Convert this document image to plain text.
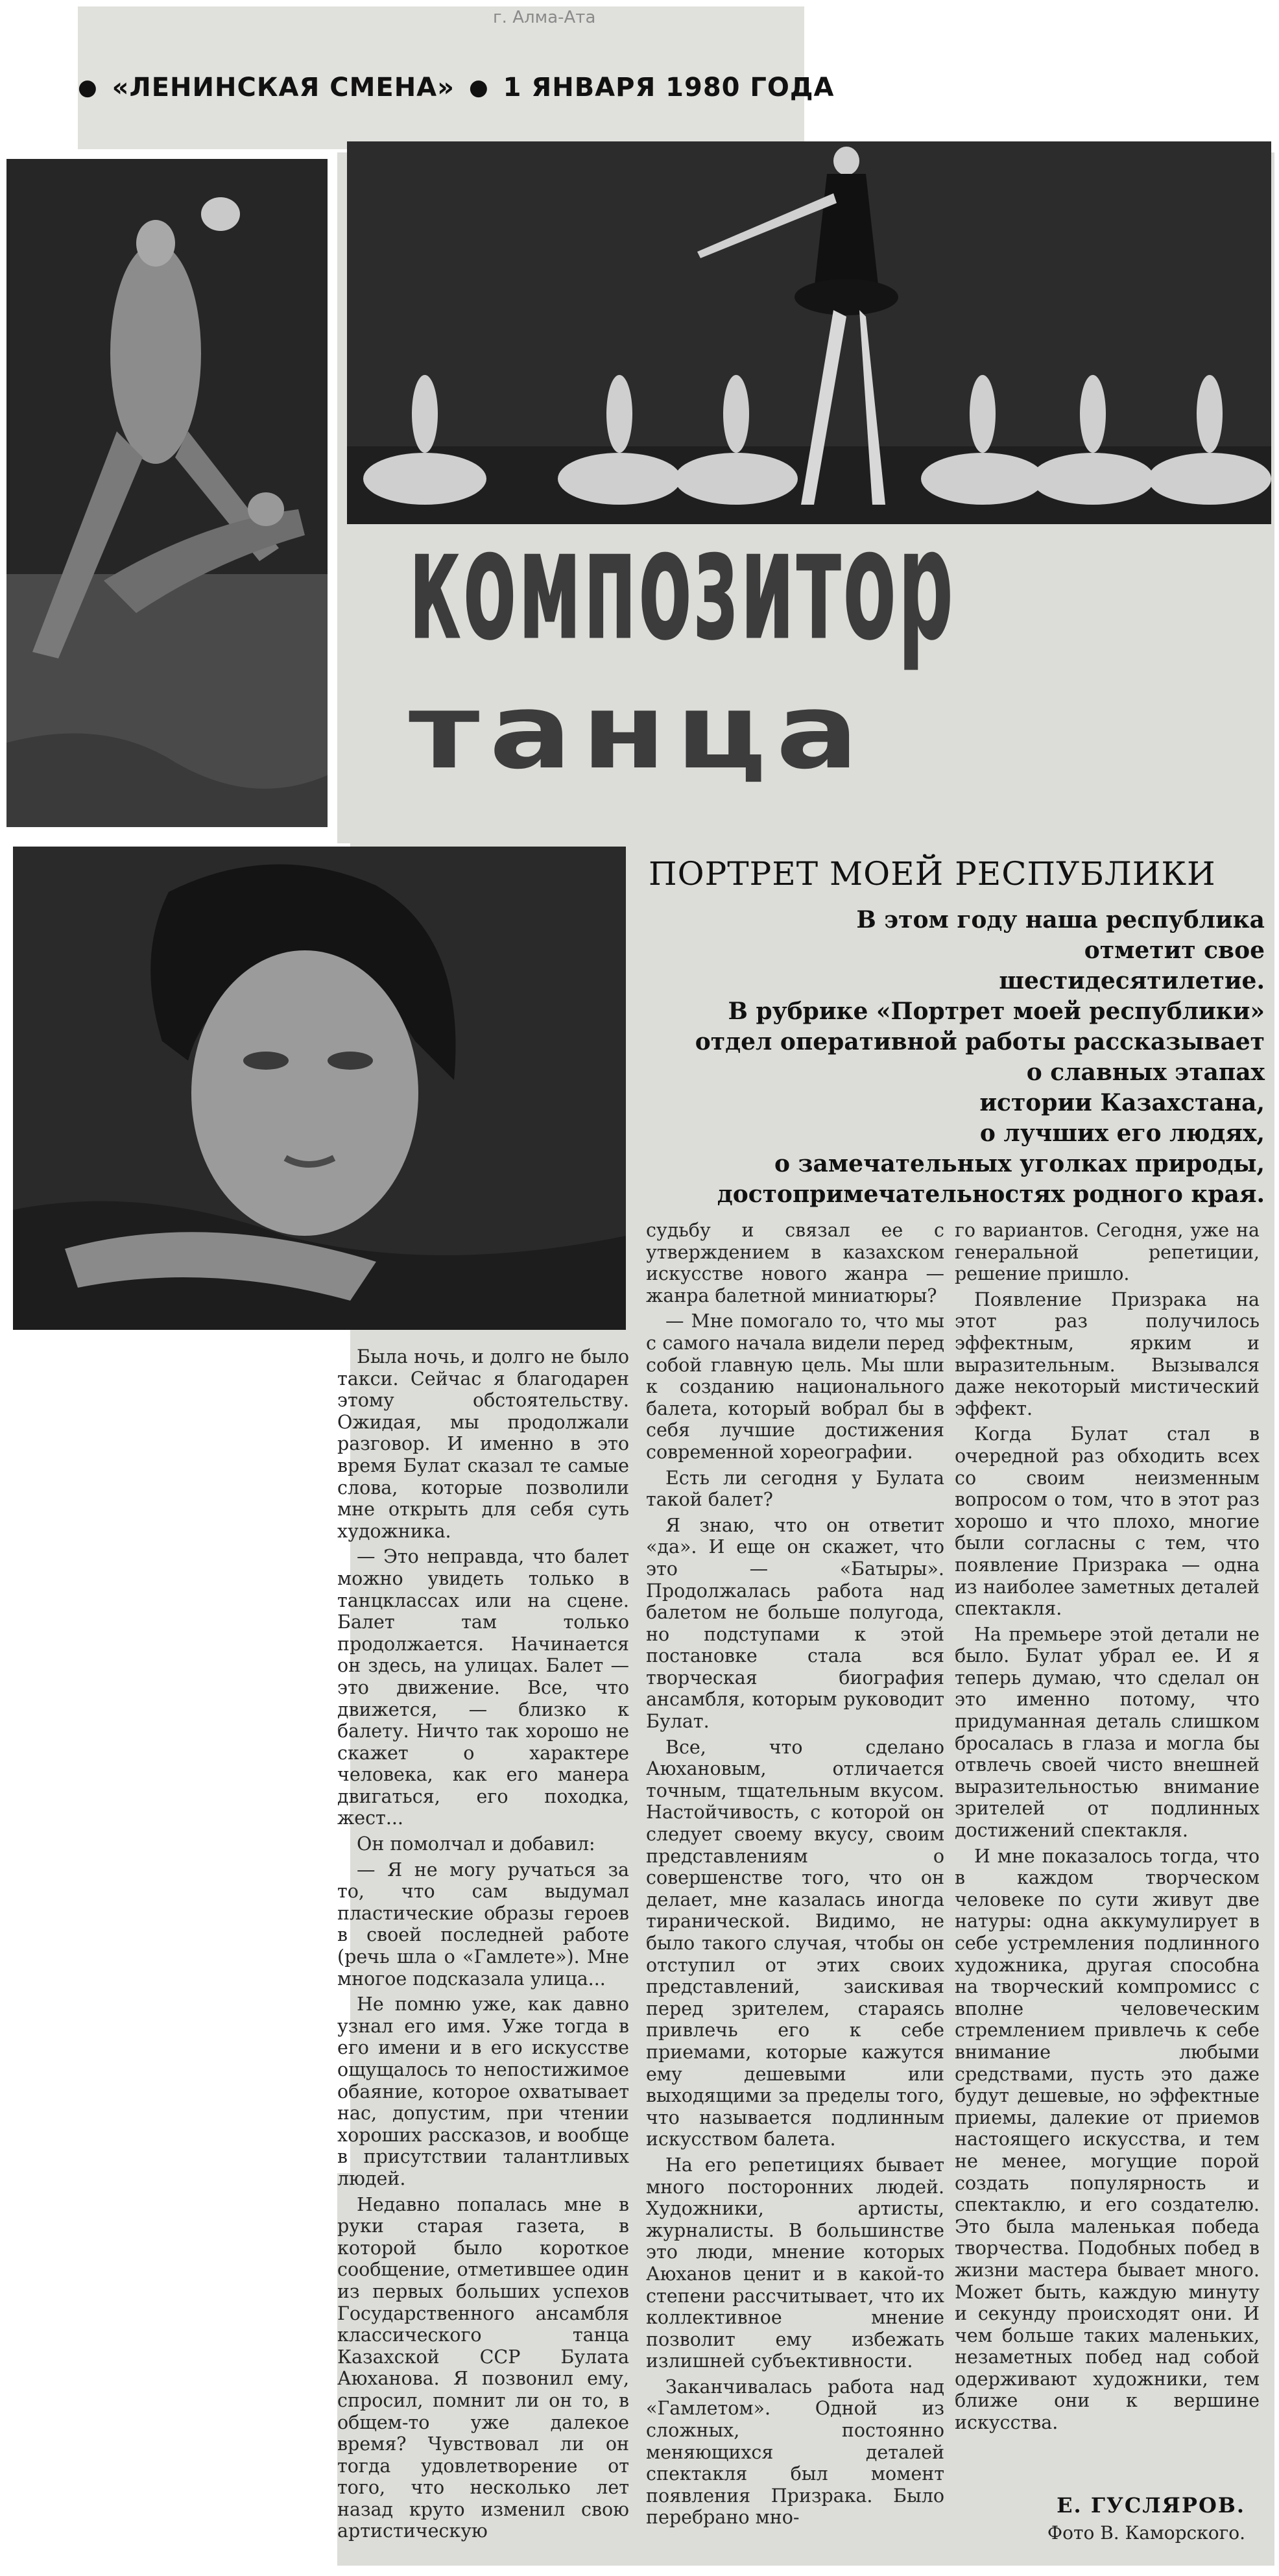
г. Алма-Ата
● «ЛЕНИНСКАЯ СМЕНА» ● 1 ЯНВАРЯ 1980 ГОДА
композитор
танца
ПОРТРЕТ МОЕЙ РЕСПУБЛИКИ

В этом году наша республика

отметит свое

шестидесятилетие.

В рубрике «Портрет моей республики»

отдел оперативной работы рассказывает

о славных этапах

истории Казахстана,

о лучших его людях,

о замечательных уголках природы,

достопримечательностях родного края.

Была ночь, и долго не было такси. Сейчас я благодарен этому обстоятельству. Ожидая, мы продолжали разговор. И именно в это время Булат сказал те самые слова, которые позволили мне открыть для себя суть художника.

— Это неправда, что балет можно увидеть только в танцклассах или на сцене. Балет там только продолжается. Начинается он здесь, на улицах. Балет — это движение. Все, что движется, — близко к балету. Ничто так хорошо не скажет о характере человека, как его манера двигаться, его походка, жест...

Он помолчал и добавил:

— Я не могу ручаться за то, что сам выдумал пластические образы героев в своей последней работе (речь шла о «Гамлете»). Мне многое подсказала улица...

Не помню уже, как давно узнал его имя. Уже тогда в его имени и в его искусстве ощущалось то непостижимое обаяние, которое охватывает нас, допустим, при чтении хороших рассказов, и вообще в присутствии талантливых людей.

Недавно попалась мне в руки старая газета, в которой было короткое сообщение, отметившее один из первых больших успехов Государственного ансамбля классического танца Казахской ССР Булата Аюханова. Я позвонил ему, спросил, помнит ли он то, в общем-то уже далекое время? Чувствовал ли он тогда удовлетворение от того, что несколько лет назад круто изменил свою артистическую

судьбу и связал ее с утверждением в казахском искусстве нового жанра — жанра балетной миниатюры?

— Мне помогало то, что мы с самого начала видели перед собой главную цель. Мы шли к созданию национального балета, который вобрал бы в себя лучшие достижения современной хореографии.

Есть ли сегодня у Булата такой балет?

Я знаю, что он ответит «да». И еще он скажет, что это — «Батыры». Продолжалась работа над балетом не больше полугода, но подступами к этой постановке стала вся творческая биография ансамбля, которым руководит Булат.

Все, что сделано Аюхановым, отличается точным, тщательным вкусом. Настойчивость, с которой он следует своему вкусу, своим представлениям о совершенстве того, что он делает, мне казалась иногда тиранической. Видимо, не было такого случая, чтобы он отступил от этих своих представлений, заискивая перед зрителем, стараясь привлечь его к себе приемами, которые кажутся ему дешевыми или выходящими за пределы того, что называется подлинным искусством балета.

На его репетициях бывает много посторонних людей. Художники, артисты, журналисты. В большинстве это люди, мнение которых Аюханов ценит и в какой-то степени рассчитывает, что их коллективное мнение позволит ему избежать излишней субъективности.

Заканчивалась работа над «Гамлетом». Одной из сложных, постоянно меняющихся деталей спектакля был момент появления Призрака. Было перебрано мно-

го вариантов. Сегодня, уже на генеральной репетиции, решение пришло.

Появление Призрака на этот раз получилось эффектным, ярким и выразительным. Вызывался даже некоторый мистический эффект.

Когда Булат стал в очередной раз обходить всех со своим неизменным вопросом о том, что в этот раз хорошо и что плохо, многие были согласны с тем, что появление Призрака — одна из наиболее заметных деталей спектакля.

На премьере этой детали не было. Булат убрал ее. И я теперь думаю, что сделал он это именно потому, что придуманная деталь слишком бросалась в глаза и могла бы отвлечь своей чисто внешней выразительностью внимание зрителей от подлинных достижений спектакля.

И мне показалось тогда, что в каждом творческом человеке по сути живут две натуры: одна аккумулирует в себе устремления подлинного художника, другая способна на творческий компромисс с вполне человеческим стремлением привлечь к себе внимание любыми средствами, пусть это даже будут дешевые, но эффектные приемы, далекие от приемов настоящего искусства, и тем не менее, могущие порой создать популярность и спектаклю, и его создателю. Это была маленькая победа творчества. Подобных побед в жизни мастера бывает много. Может быть, каждую минуту и секунду происходят они. И чем больше таких маленьких, незаметных побед над собой одерживают художники, тем ближе они к вершине искусства.

Е. ГУСЛЯРОВ.
Фото В. Каморского.
